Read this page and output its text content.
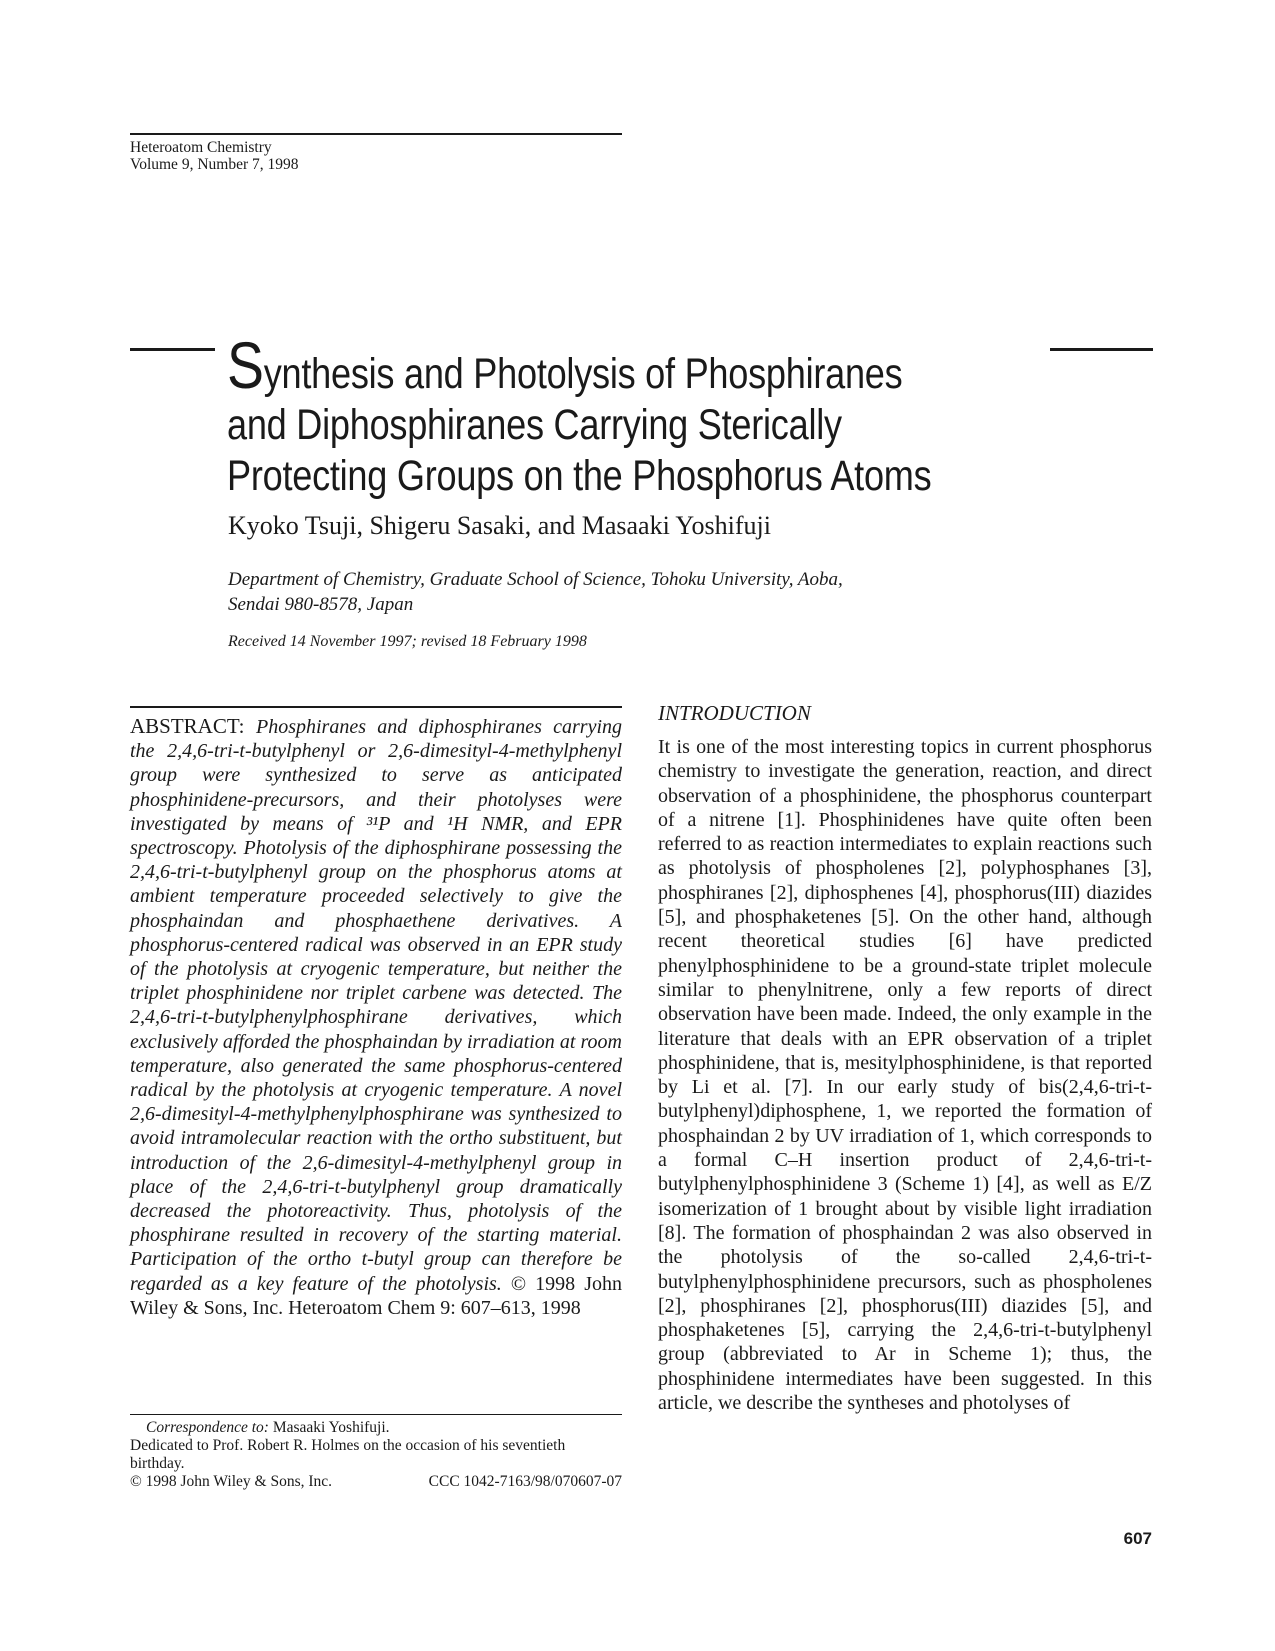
Heteroatom Chemistry
Volume 9, Number 7, 1998
Synthesis and Photolysis of Phosphiranes
and Diphosphiranes Carrying Sterically
Protecting Groups on the Phosphorus Atoms
Kyoko Tsuji, Shigeru Sasaki, and Masaaki Yoshifuji
Department of Chemistry, Graduate School of Science, Tohoku University, Aoba,
Sendai 980-8578, Japan
Received 14 November 1997; revised 18 February 1998

ABSTRACT: Phosphiranes and diphosphiranes carrying the 2,4,6-tri-t-butylphenyl or 2,6-dimesityl-4-methylphenyl group were synthesized to serve as anticipated phosphinidene-precursors, and their photolyses were investigated by means of ³¹P and ¹H NMR, and EPR spectroscopy. Photolysis of the diphosphirane possessing the 2,4,6-tri-t-butylphenyl group on the phosphorus atoms at ambient temperature proceeded selectively to give the phosphaindan and phosphaethene derivatives. A phosphorus-centered radical was observed in an EPR study of the photolysis at cryogenic temperature, but neither the triplet phosphinidene nor triplet carbene was detected. The 2,4,6-tri-t-butylphenylphosphirane derivatives, which exclusively afforded the phosphaindan by irradiation at room temperature, also generated the same phosphorus-centered radical by the photolysis at cryogenic temperature. A novel 2,6-dimesityl-4-methylphenylphosphirane was synthesized to avoid intramolecular reaction with the ortho substituent, but introduction of the 2,6-dimesityl-4-methylphenyl group in place of the 2,4,6-tri-t-butylphenyl group dramatically decreased the photoreactivity. Thus, photolysis of the phosphirane resulted in recovery of the starting material. Participation of the ortho t-butyl group can therefore be regarded as a key feature of the photolysis. © 1998 John Wiley & Sons, Inc. Heteroatom Chem 9: 607–613, 1998

Correspondence to: Masaaki Yoshifuji.
Dedicated to Prof. Robert R. Holmes on the occasion of his seventieth birthday.
© 1998 John Wiley & Sons, Inc.	CCC 1042-7163/98/070607-07
INTRODUCTION

It is one of the most interesting topics in current phosphorus chemistry to investigate the generation, reaction, and direct observation of a phosphinidene, the phosphorus counterpart of a nitrene [1]. Phosphinidenes have quite often been referred to as reaction intermediates to explain reactions such as photolysis of phospholenes [2], polyphosphanes [3], phosphiranes [2], diphosphenes [4], phosphorus(III) diazides [5], and phosphaketenes [5]. On the other hand, although recent theoretical studies [6] have predicted phenylphosphinidene to be a ground-state triplet molecule similar to phenylnitrene, only a few reports of direct observation have been made. Indeed, the only example in the literature that deals with an EPR observation of a triplet phosphinidene, that is, mesitylphosphinidene, is that reported by Li et al. [7]. In our early study of bis(2,4,6-tri-t-butylphenyl)diphosphene, 1, we reported the formation of phosphaindan 2 by UV irradiation of 1, which corresponds to a formal C–H insertion product of 2,4,6-tri-t-butylphenylphosphinidene 3 (Scheme 1) [4], as well as E/Z isomerization of 1 brought about by visible light irradiation [8]. The formation of phosphaindan 2 was also observed in the photolysis of the so-called 2,4,6-tri-t-butylphenylphosphinidene precursors, such as phospholenes [2], phosphiranes [2], phosphorus(III) diazides [5], and phosphaketenes [5], carrying the 2,4,6-tri-t-butylphenyl group (abbreviated to Ar in Scheme 1); thus, the phosphinidene intermediates have been suggested. In this article, we describe the syntheses and photolyses of

607
